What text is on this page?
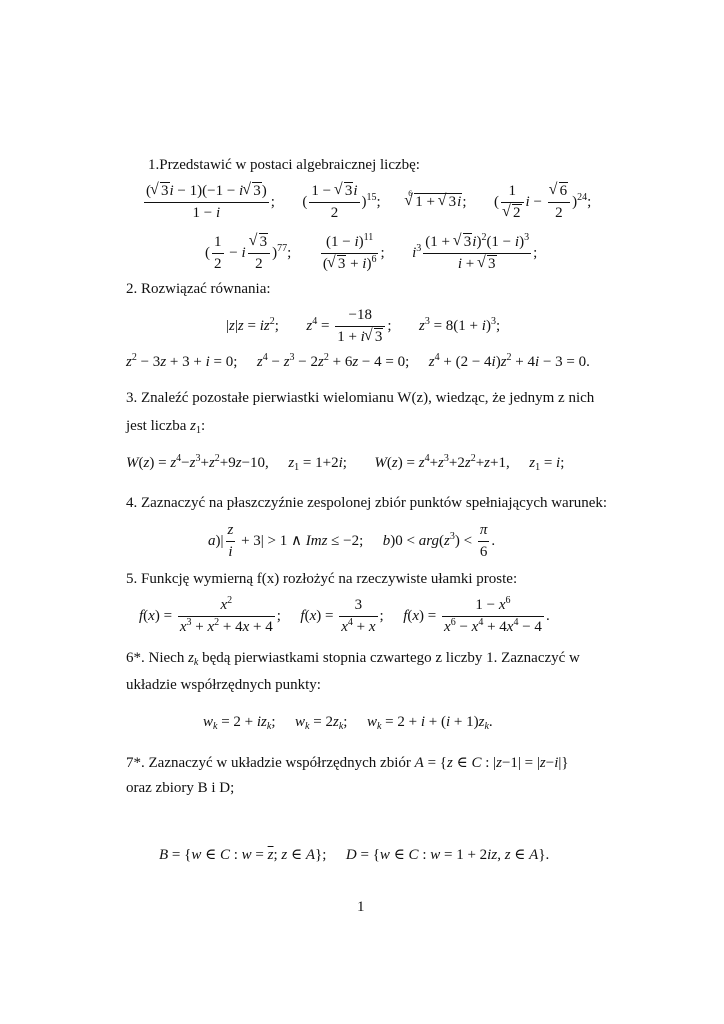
1.Przedstawić w postaci algebraicznej liczbę:
$\frac{( √ 3i - 1)(-1 - i √ 3)}{1 - i}$ ;  ( $\frac{1 - √ 3i}{2} )^{15}$;  $^6$√ 1 + √ 3i;  ( 1
√ 2 i − √ $\frac{6}{2} )^{24}$;
( $\frac{1}{2} - i$ √ $\frac{3}{2} )^{77}$; $\frac{(1 - i)^{11}}{( √ 3 + i)^6}$ ;  $i^3 \frac{(1 + √ 3i)^2(1 - i)^3}{i + √ 3}$ ;
2. Rozwiązać równania:
$|z|z = iz^2$;  $z^4 = \frac{-18}{1 + i √ 3}$ ;  $z^3 = 8(1 + i)^3$;
$z^2 - 3z + 3 + i = 0$;  $z^4 - z^3 - 2z^2 + 6z - 4 = 0$;  $z^4 + (2 - 4i)z^2 + 4i - 3 = 0$.
3. Znaleźć pozostałe pierwiastki wielomianu W(z), wiedząc, że jednym z nich
jest liczba $z_1$:
$W(z) = z^4-z^3+z^2+9z-10$,  $z_1 = 1+2i$;  $W(z) = z^4+z^3+2z^2+z+1$,  $z_1 = i$;
4. Zaznaczyć na płaszczyźnie zespolonej zbiór punktów spełniających warunek:
$a)| \frac{z}{i} + 3| > 1$ ∧ Imz ≤ −2;  $b)0 < arg(z^3) < \frac{\pi}{6}$ .
5. Funkcję wymierną f(x) rozłożyć na rzeczywiste ułamki proste:
$f(x) = \frac{x^2}{x^3 + x^2 + 4x + 4}$ ;  $f(x) = \frac{3}{x^4 + x}$ ;  $f(x) = \frac{1 - x^6}{x^6 - x^4 + 4x^4 - 4}$ .
6*. Niech $z_k$ będą pierwiastkami stopnia czwartego z liczby 1. Zaznaczyć w
układzie współrzędnych punkty:
$w_k = 2 + iz_k$;  $w_k = 2z_k$;  $w_k = 2 + i + (i + 1)z_k$.
7*. Zaznaczyć w układzie współrzędnych zbiór A = {z ∈ C : |z−1| = |z−i|}
oraz zbiory B i D;
B = {w ∈ C : $w = \overline{z}$; z ∈ A};  D = {w ∈ C : w = 1 + 2iz, z ∈ A}.
1
